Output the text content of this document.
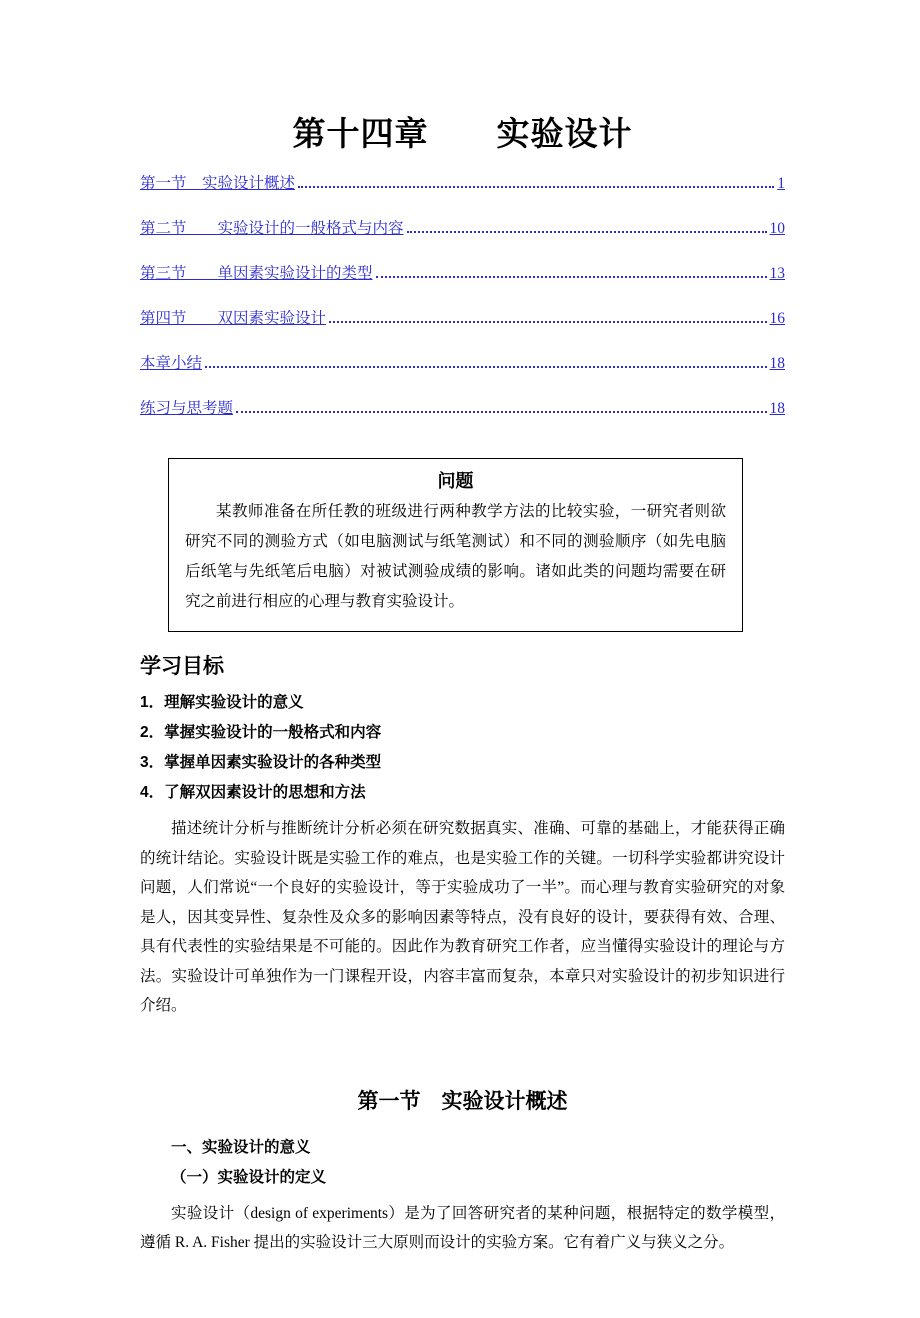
第十四章　　实验设计
第一节　实验设计概述	1
第二节　　实验设计的一般格式与内容	10
第三节　　单因素实验设计的类型	13
第四节　　双因素实验设计	16
本章小结	18
练习与思考题	18
问题

某教师准备在所任教的班级进行两种教学方法的比较实验，一研究者则欲研究不同的测验方式（如电脑测试与纸笔测试）和不同的测验顺序（如先电脑后纸笔与先纸笔后电脑）对被试测验成绩的影响。诸如此类的问题均需要在研究之前进行相应的心理与教育实验设计。

学习目标
1．理解实验设计的意义
2．掌握实验设计的一般格式和内容
3．掌握单因素实验设计的各种类型
4．了解双因素设计的思想和方法

描述统计分析与推断统计分析必须在研究数据真实、准确、可靠的基础上，才能获得正确的统计结论。实验设计既是实验工作的难点，也是实验工作的关键。一切科学实验都讲究设计问题，人们常说“一个良好的实验设计，等于实验成功了一半”。而心理与教育实验研究的对象是人，因其变异性、复杂性及众多的影响因素等特点，没有良好的设计，要获得有效、合理、具有代表性的实验结果是不可能的。因此作为教育研究工作者，应当懂得实验设计的理论与方法。实验设计可单独作为一门课程开设，内容丰富而复杂，本章只对实验设计的初步知识进行介绍。

第一节　实验设计概述
一、实验设计的意义
（一）实验设计的定义

实验设计（design of experiments）是为了回答研究者的某种问题，根据特定的数学模型，遵循 R. A. Fisher 提出的实验设计三大原则而设计的实验方案。它有着广义与狭义之分。
